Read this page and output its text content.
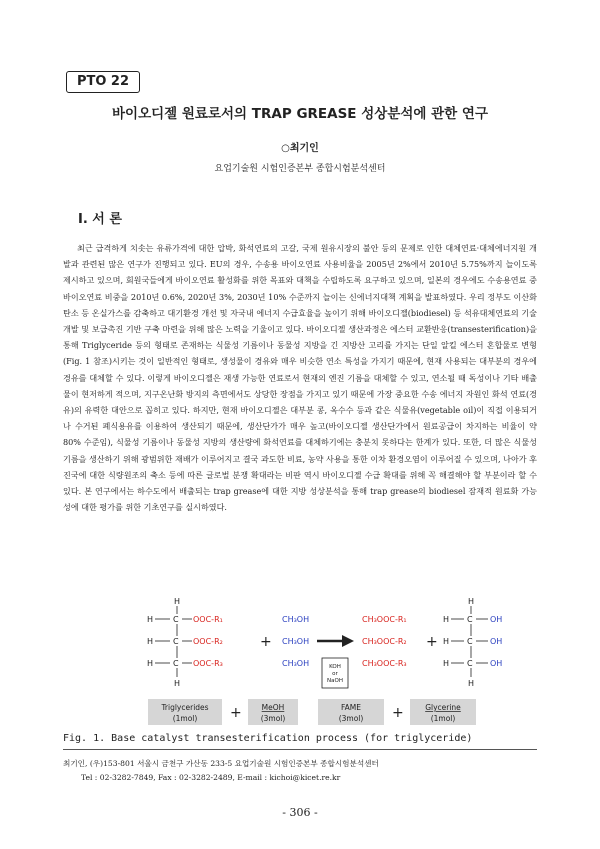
PTO 22
바이오디젤 원료로서의 TRAP GREASE 성상분석에 관한 연구
○최기인
요업기술원 시험인증본부 종합시험분석센터
I. 서 론

최근 급격하게 치솟는 유류가격에 대한 압박, 화석연료의 고갈, 국제 원유시장의 불안 등의 문제로 인한 대체연료·대체에너지원 개발과 관련된 많은 연구가 진행되고 있다. EU의 경우, 수송용 바이오연료 사용비율을 2005년 2%에서 2010년 5.75%까지 늘이도록 제시하고 있으며, 회원국들에게 바이오연료 활성화를 위한 목표와 대책을 수립하도록 요구하고 있으며, 일본의 경우에도 수송용연료 중 바이오연료 비중을 2010년 0.6%, 2020년 3%, 2030년 10% 수준까지 늘이는 신에너지대책 계획을 발표하였다. 우리 정부도 이산화탄소 등 온실가스를 감축하고 대기환경 개선 및 자국내 에너지 수급효율을 높이기 위해 바이오디젤(biodiesel) 등 석유대체연료의 기술개발 및 보급촉진 기반 구축 마련을 위해 많은 노력을 기울이고 있다. 바이오디젤 생산과정은 에스터 교환반응(transesterification)을 통해 Triglyceride 등의 형태로 존재하는 식물성 기름이나 동물성 지방을 긴 지방산 고리를 가지는 단일 알킬 에스터 혼합물로 변형(Fig. 1 참조)시키는 것이 일반적인 형태로, 생성물이 경유와 매우 비슷한 연소 특성을 가지기 때문에, 현재 사용되는 대부분의 경우에 경유를 대체할 수 있다. 이렇게 바이오디젤은 재생 가능한 연료로서 현재의 엔진 기름을 대체할 수 있고, 연소될 때 독성이나 기타 배출물이 현저하게 적으며, 지구온난화 방지의 측면에서도 상당한 장점을 가지고 있기 때문에 가장 중요한 수송 에너지 자원인 화석 연료(경유)의 유력한 대안으로 꼽히고 있다. 하지만, 현재 바이오디젤은 대부분 콩, 옥수수 등과 같은 식물유(vegetable oil)이 직접 이용되거나 수거된 폐식용유를 이용하여 생산되기 때문에, 생산단가가 매우 높고(바이오디젤 생산단가에서 원료공급이 차지하는 비율이 약 80% 수준임), 식물성 기름이나 동물성 지방의 생산량에 화석연료를 대체하기에는 충분치 못하다는 한계가 있다. 또한, 더 많은 식물성 기름을 생산하기 위해 광범위한 재배가 이루어지고 결국 과도한 비료, 농약 사용을 통한 이차 환경오염이 이루어질 수 있으며, 나아가 후진국에 대한 식량원조의 축소 등에 따른 글로벌 분쟁 확대라는 비판 역시 바이오디젤 수급 확대를 위해 꼭 해결해야 할 부분이라 할 수 있다. 본 연구에서는 하수도에서 배출되는 trap grease에 대한 지방 성상분석을 통해 trap grease의 biodiesel 잠재적 원료화 가능성에 대한 평가를 위한 기초연구를 실시하였다.

H
H C OOC-R₁
H C OOC-R₂
H C OOC-R₃
H
+
CH₃OH
CH₃OH
CH₃OH	KOH
or
NaOH
CH₃OOC-R₁
CH₃OOC-R₂
CH₃OOC-R₃
+
H
H C OH
H C OH
H C OH
H
Triglycerides
(1mol) +	MeOH
(3mol)
FAME
(3mol) +	Glycerine
(1mol)
Fig. 1. Base catalyst transesterification process (for triglyceride)
최기인, (우)153-801 서울시 금천구 가산동 233-5 요업기술원 시험인증본부 종합시험분석센터
Tel : 02-3282-7849, Fax : 02-3282-2489, E-mail : kichoi@kicet.re.kr
- 306 -
